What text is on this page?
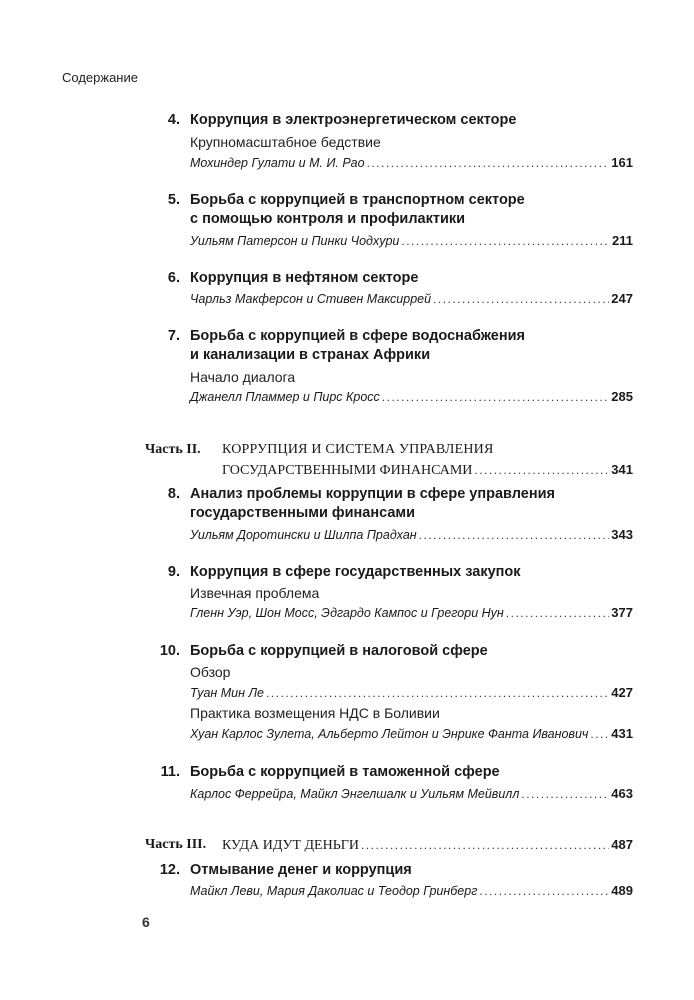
Содержание
4. Коррупция в электроэнергетическом секторе
Крупномасштабное бедствие
Мохиндер Гулати и М. И. Рао .....	161
5. Борьба с коррупцией в транспортном секторе
с помощью контроля и профилактики
Уильям Патерсон и Пинки Чодхури .....	211
6. Коррупция в нефтяном секторе
Чарльз Макферсон и Стивен Максиррей .....	247
7. Борьба с коррупцией в сфере водоснабжения
и канализации в странах Африки
Начало диалога
Джанелл Пламмер и Пирс Кросс .....	285
Часть II. КОРРУПЦИЯ И СИСТЕМА УПРАВЛЕНИЯ
ГОСУДАРСТВЕННЫМИ ФИНАНСАМИ .....	341
8. Анализ проблемы коррупции в сфере управления
государственными финансами
Уильям Доротински и Шилпа Прадхан .....	343
9. Коррупция в сфере государственных закупок
Извечная проблема
Гленн Уэр, Шон Мосс, Эдгардо Кампос и Грегори Нун .....	377
10. Борьба с коррупцией в налоговой сфере
Обзор
Туан Мин Ле .....	427
Практика возмещения НДС в Боливии
Хуан Карлос Зулета, Альберто Лейтон и Энрике Фанта Иванович ..... 431
11. Борьба с коррупцией в таможенной сфере
Карлос Феррейра, Майкл Энгелшалк и Уильям Мейвилл .....	463
Часть III. КУДА ИДУТ ДЕНЬГИ .....	487
12. Отмывание денег и коррупция
Майкл Леви, Мария Даколиас и Теодор Гринберг .....	489
6
